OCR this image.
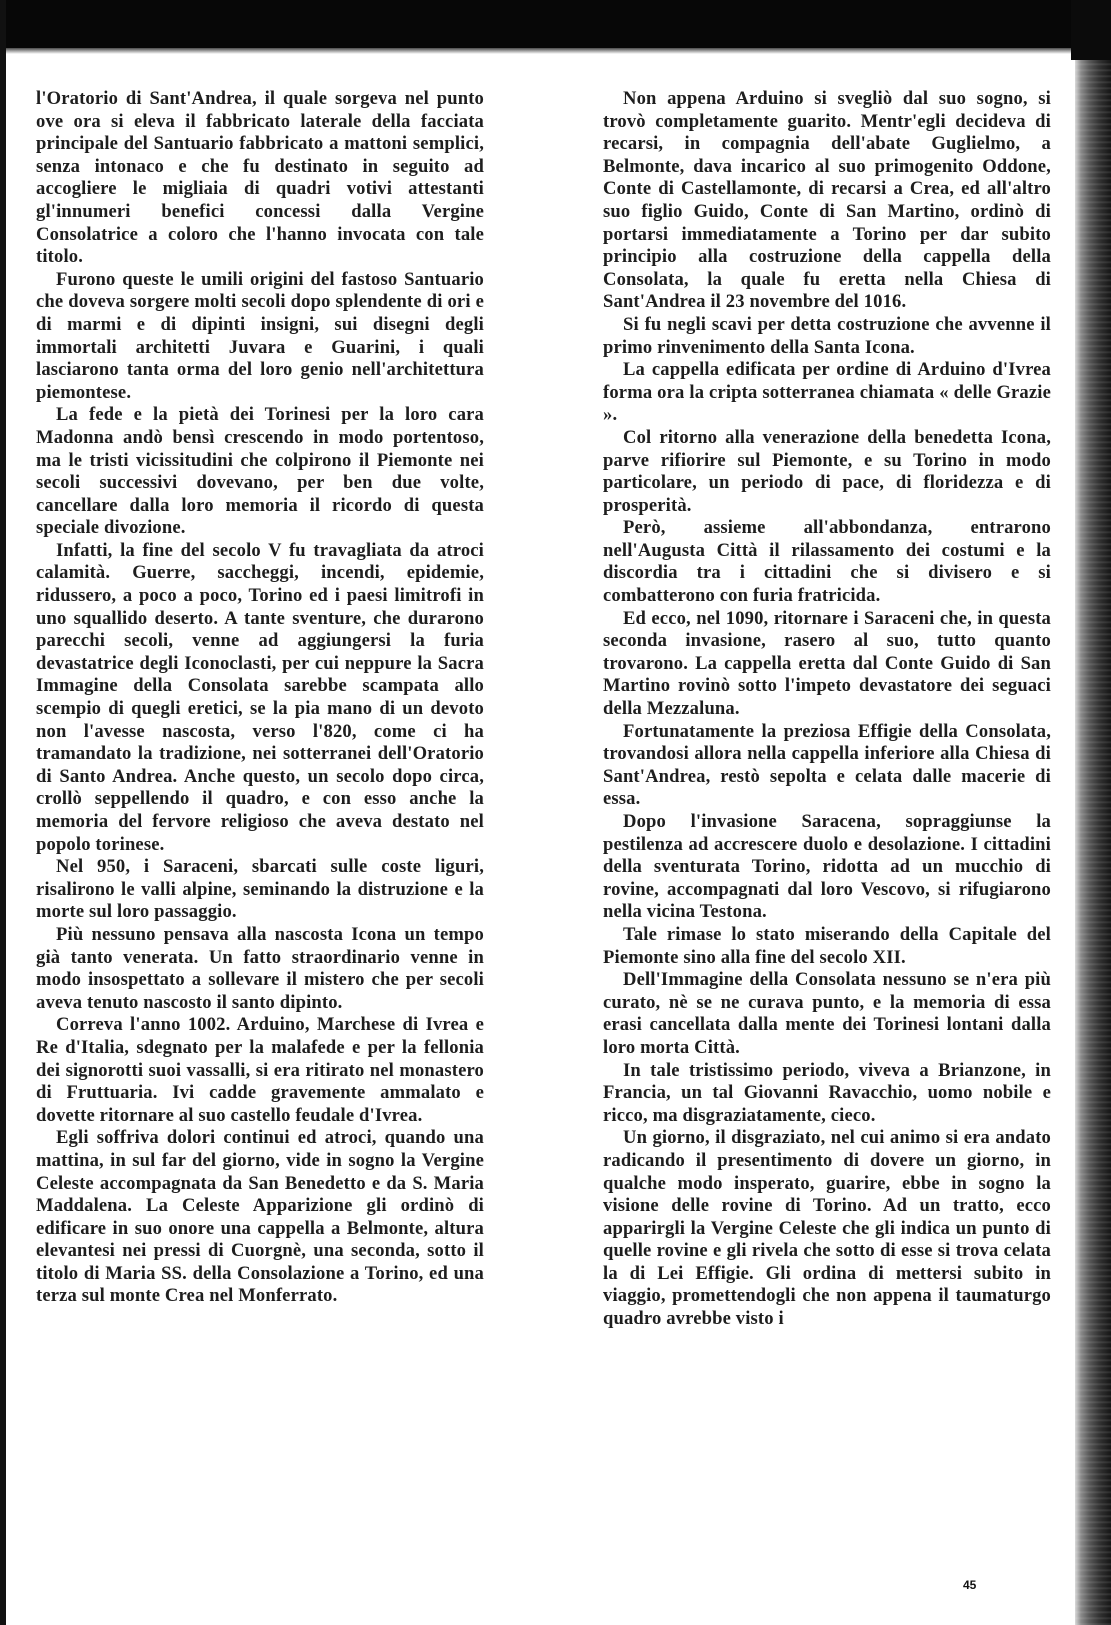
l'Oratorio di Sant'Andrea, il quale sorgeva nel punto ove ora si eleva il fabbricato laterale della facciata principale del Santuario fabbricato a mattoni semplici, senza intonaco e che fu destinato in seguito ad accogliere le migliaia di quadri votivi attestanti gl'innumeri benefici concessi dalla Vergine Consolatrice a coloro che l'hanno invocata con tale titolo.

Furono queste le umili origini del fastoso Santuario che doveva sorgere molti secoli dopo splendente di ori e di marmi e di dipinti insigni, sui disegni degli immortali architetti Juvara e Guarini, i quali lasciarono tanta orma del loro genio nell'architettura piemontese.

La fede e la pietà dei Torinesi per la loro cara Madonna andò bensì crescendo in modo portentoso, ma le tristi vicissitudini che colpirono il Piemonte nei secoli successivi dovevano, per ben due volte, cancellare dalla loro memoria il ricordo di questa speciale divozione.

Infatti, la fine del secolo V fu travagliata da atroci calamità. Guerre, saccheggi, incendi, epidemie, ridussero, a poco a poco, Torino ed i paesi limitrofi in uno squallido deserto. A tante sventure, che durarono parecchi secoli, venne ad aggiungersi la furia devastatrice degli Iconoclasti, per cui neppure la Sacra Immagine della Consolata sarebbe scampata allo scempio di quegli eretici, se la pia mano di un devoto non l'avesse nascosta, verso l'820, come ci ha tramandato la tradizione, nei sotterranei dell'Oratorio di Santo Andrea. Anche questo, un secolo dopo circa, crollò seppellendo il quadro, e con esso anche la memoria del fervore religioso che aveva destato nel popolo torinese.

Nel 950, i Saraceni, sbarcati sulle coste liguri, risalirono le valli alpine, seminando la distruzione e la morte sul loro passaggio.

Più nessuno pensava alla nascosta Icona un tempo già tanto venerata. Un fatto straordinario venne in modo insospettato a sollevare il mistero che per secoli aveva tenuto nascosto il santo dipinto.

Correva l'anno 1002. Arduino, Marchese di Ivrea e Re d'Italia, sdegnato per la malafede e per la fellonia dei signorotti suoi vassalli, si era ritirato nel monastero di Fruttuaria. Ivi cadde gravemente ammalato e dovette ritornare al suo castello feudale d'Ivrea.

Egli soffriva dolori continui ed atroci, quando una mattina, in sul far del giorno, vide in sogno la Vergine Celeste accompagnata da San Benedetto e da S. Maria Maddalena. La Celeste Apparizione gli ordinò di edificare in suo onore una cappella a Belmonte, altura elevantesi nei pressi di Cuorgnè, una seconda, sotto il titolo di Maria SS. della Consolazione a Torino, ed una terza sul monte Crea nel Monferrato.

Non appena Arduino si svegliò dal suo sogno, si trovò completamente guarito. Mentr'egli decideva di recarsi, in compagnia dell'abate Guglielmo, a Belmonte, dava incarico al suo primogenito Oddone, Conte di Castellamonte, di recarsi a Crea, ed all'altro suo figlio Guido, Conte di San Martino, ordinò di portarsi immediatamente a Torino per dar subito principio alla costruzione della cappella della Consolata, la quale fu eretta nella Chiesa di Sant'Andrea il 23 novembre del 1016.

Si fu negli scavi per detta costruzione che avvenne il primo rinvenimento della Santa Icona.

La cappella edificata per ordine di Arduino d'Ivrea forma ora la cripta sotterranea chiamata « delle Grazie ».

Col ritorno alla venerazione della benedetta Icona, parve rifiorire sul Piemonte, e su Torino in modo particolare, un periodo di pace, di floridezza e di prosperità.

Però, assieme all'abbondanza, entrarono nell'Augusta Città il rilassamento dei costumi e la discordia tra i cittadini che si divisero e si combatterono con furia fratricida.

Ed ecco, nel 1090, ritornare i Saraceni che, in questa seconda invasione, rasero al suo, tutto quanto trovarono. La cappella eretta dal Conte Guido di San Martino rovinò sotto l'impeto devastatore dei seguaci della Mezzaluna.

Fortunatamente la preziosa Effigie della Consolata, trovandosi allora nella cappella inferiore alla Chiesa di Sant'Andrea, restò sepolta e celata dalle macerie di essa.

Dopo l'invasione Saracena, sopraggiunse la pestilenza ad accrescere duolo e desolazione. I cittadini della sventurata Torino, ridotta ad un mucchio di rovine, accompagnati dal loro Vescovo, si rifugiarono nella vicina Testona.

Tale rimase lo stato miserando della Capitale del Piemonte sino alla fine del secolo XII.

Dell'Immagine della Consolata nessuno se n'era più curato, nè se ne curava punto, e la memoria di essa erasi cancellata dalla mente dei Torinesi lontani dalla loro morta Città.

In tale tristissimo periodo, viveva a Brianzone, in Francia, un tal Giovanni Ravacchio, uomo nobile e ricco, ma disgraziatamente, cieco.

Un giorno, il disgraziato, nel cui animo si era andato radicando il presentimento di dovere un giorno, in qualche modo insperato, guarire, ebbe in sogno la visione delle rovine di Torino. Ad un tratto, ecco apparirgli la Vergine Celeste che gli indica un punto di quelle rovine e gli rivela che sotto di esse si trova celata la di Lei Effigie. Gli ordina di mettersi subito in viaggio, promettendogli che non appena il taumaturgo quadro avrebbe visto i

45
